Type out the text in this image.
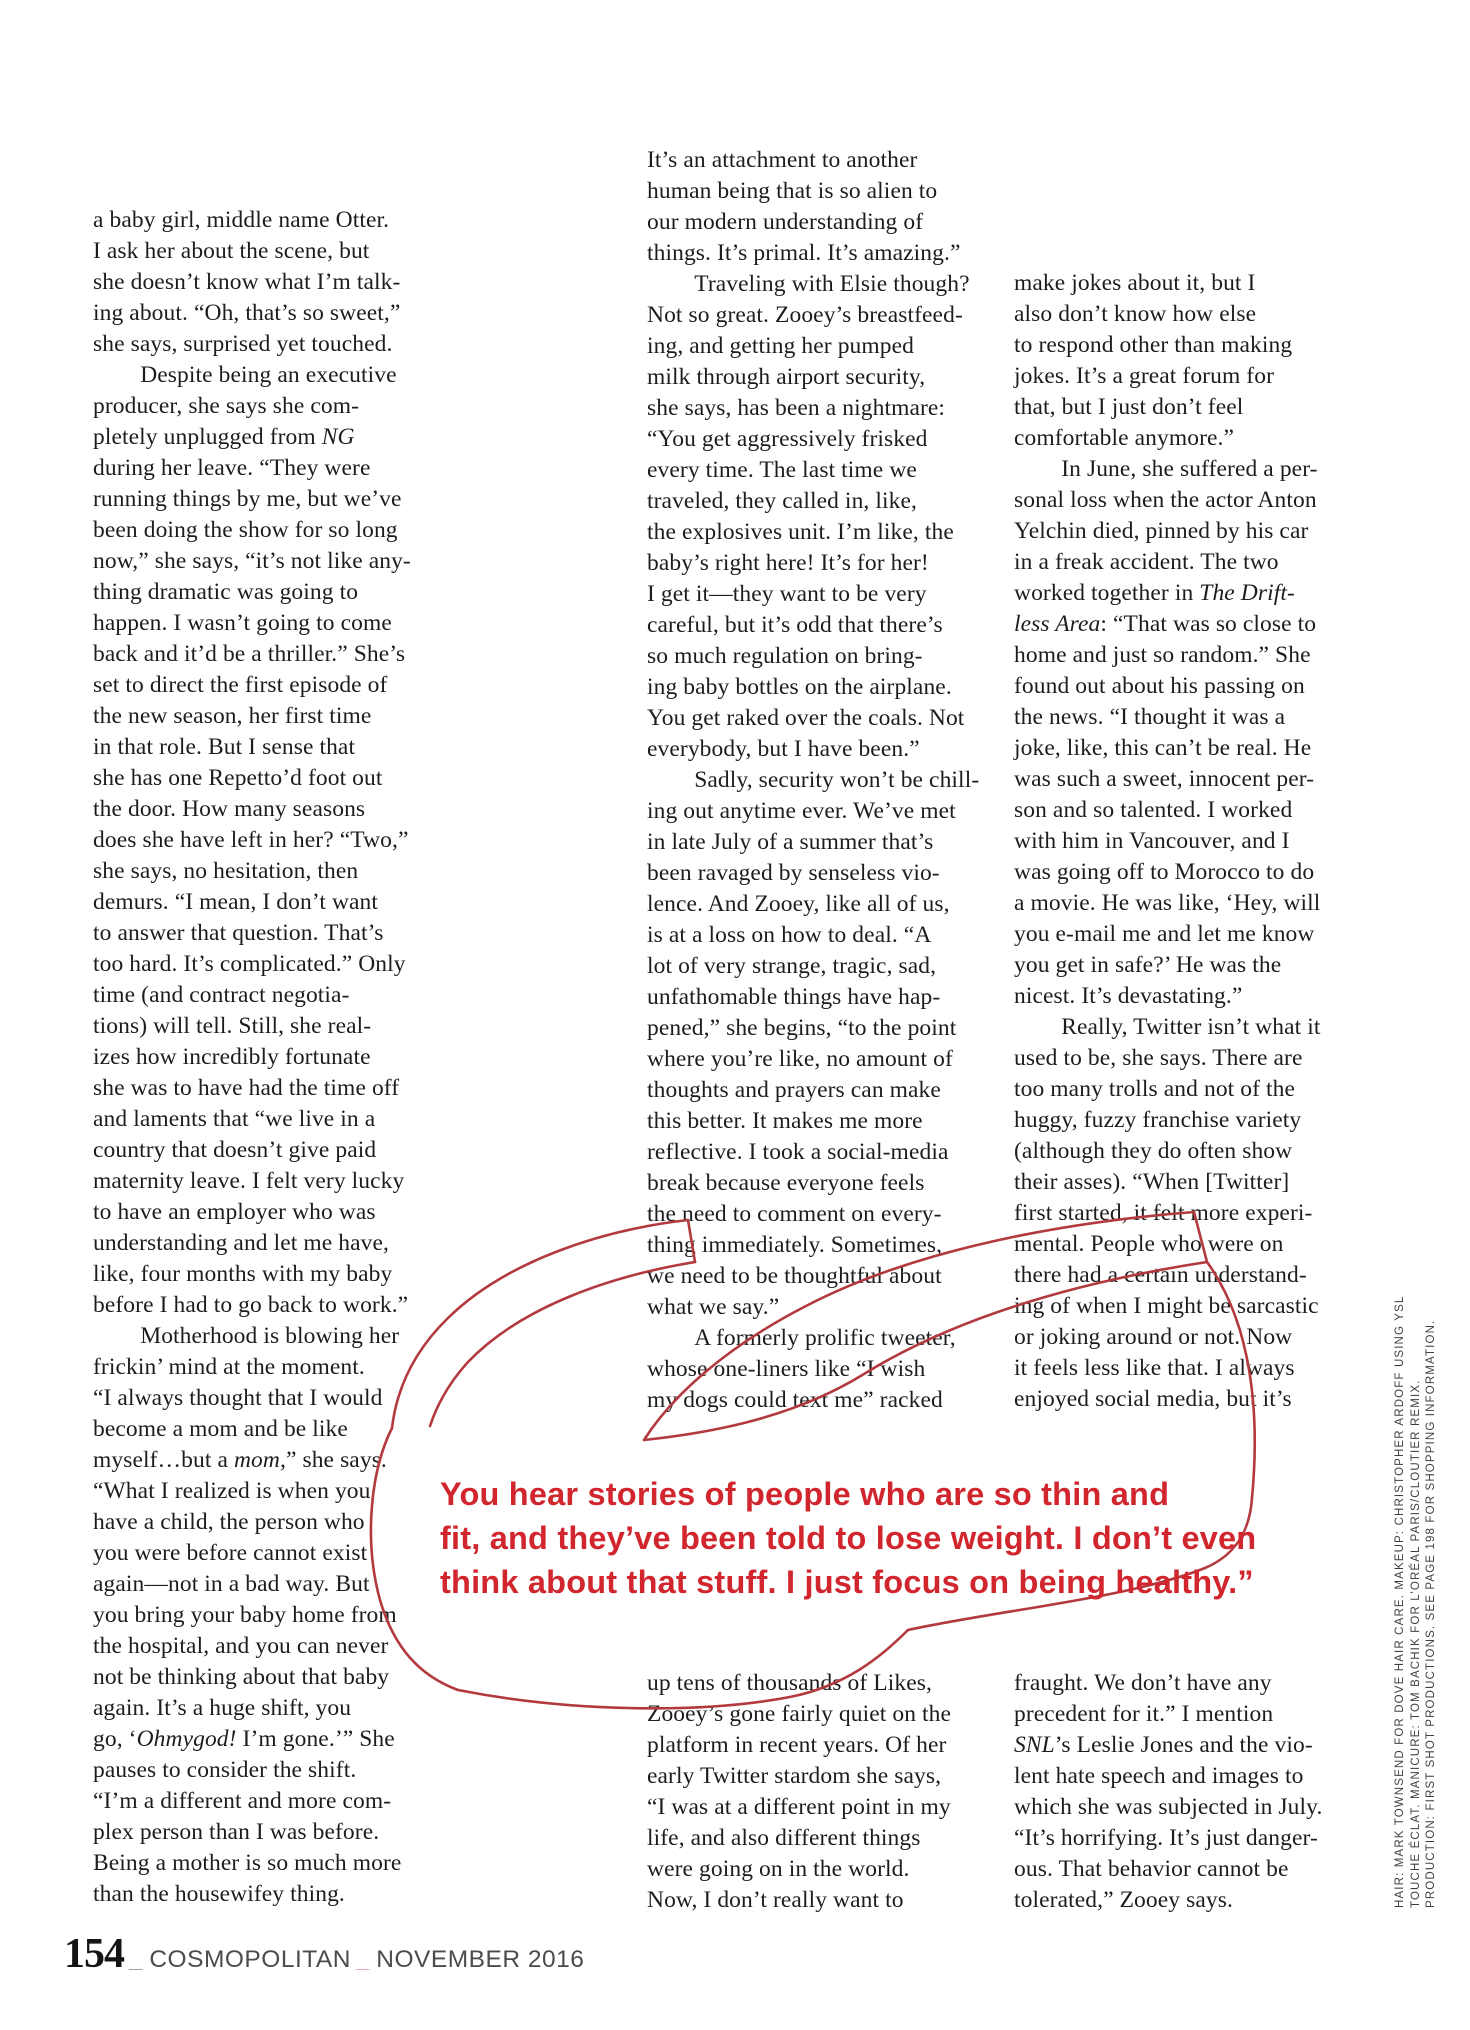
a baby girl, middle name Otter.
I ask her about the scene, but
she doesn’t know what I’m talk-
ing about. “Oh, that’s so sweet,”
she says, surprised yet touched.
  Despite being an executive
producer, she says she com-
pletely unplugged from NG
during her leave. “They were
running things by me, but we’ve
been doing the show for so long
now,” she says, “it’s not like any-
thing dramatic was going to
happen. I wasn’t going to come
back and it’d be a thriller.” She’s
set to direct the first episode of
the new season, her first time
in that role. But I sense that
she has one Repetto’d foot out
the door. How many seasons
does she have left in her? “Two,”
she says, no hesitation, then
demurs. “I mean, I don’t want
to answer that question. That’s
too hard. It’s complicated.” Only
time (and contract negotia-
tions) will tell. Still, she real-
izes how incredibly fortunate
she was to have had the time off
and laments that “we live in a
country that doesn’t give paid
maternity leave. I felt very lucky
to have an employer who was
understanding and let me have,
like, four months with my baby
before I had to go back to work.”
  Motherhood is blowing her
frickin’ mind at the moment.
“I always thought that I would
become a mom and be like
myself…but a mom,” she says.
“What I realized is when you
have a child, the person who
you were before cannot exist
again—not in a bad way. But
you bring your baby home from
the hospital, and you can never
not be thinking about that baby
again. It’s a huge shift, you
go, ‘Ohmygod! I’m gone.’” She
pauses to consider the shift.
“I’m a different and more com-
plex person than I was before.
Being a mother is so much more
than the housewifey thing.
It’s an attachment to another
human being that is so alien to
our modern understanding of
things. It’s primal. It’s amazing.”
  Traveling with Elsie though?
Not so great. Zooey’s breastfeed-
ing, and getting her pumped
milk through airport security,
she says, has been a nightmare:
“You get aggressively frisked
every time. The last time we
traveled, they called in, like,
the explosives unit. I’m like, the
baby’s right here! It’s for her!
I get it—they want to be very
careful, but it’s odd that there’s
so much regulation on bring-
ing baby bottles on the airplane.
You get raked over the coals. Not
everybody, but I have been.”
  Sadly, security won’t be chill-
ing out anytime ever. We’ve met
in late July of a summer that’s
been ravaged by senseless vio-
lence. And Zooey, like all of us,
is at a loss on how to deal. “A
lot of very strange, tragic, sad,
unfathomable things have hap-
pened,” she begins, “to the point
where you’re like, no amount of
thoughts and prayers can make
this better. It makes me more
reflective. I took a social-media
break because everyone feels
the need to comment on every-
thing immediately. Sometimes,
we need to be thoughtful about
what we say.”
  A formerly prolific tweeter,
whose one-liners like “I wish
my dogs could text me” racked
up tens of thousands of Likes,
Zooey’s gone fairly quiet on the
platform in recent years. Of her
early Twitter stardom she says,
“I was at a different point in my
life, and also different things
were going on in the world.
Now, I don’t really want to
make jokes about it, but I
also don’t know how else
to respond other than making
jokes. It’s a great forum for
that, but I just don’t feel
comfortable anymore.”
  In June, she suffered a per-
sonal loss when the actor Anton
Yelchin died, pinned by his car
in a freak accident. The two
worked together in The Drift-
less Area: “That was so close to
home and just so random.” She
found out about his passing on
the news. “I thought it was a
joke, like, this can’t be real. He
was such a sweet, innocent per-
son and so talented. I worked
with him in Vancouver, and I
was going off to Morocco to do
a movie. He was like, ‘Hey, will
you e-mail me and let me know
you get in safe?’ He was the
nicest. It’s devastating.”
  Really, Twitter isn’t what it
used to be, she says. There are
too many trolls and not of the
huggy, fuzzy franchise variety
(although they do often show
their asses). “When [Twitter]
first started, it felt more experi-
mental. People who were on
there had a certain understand-
ing of when I might be sarcastic
or joking around or not. Now
it feels less like that. I always
enjoyed social media, but it’s
fraught. We don’t have any
precedent for it.” I mention
SNL’s Leslie Jones and the vio-
lent hate speech and images to
which she was subjected in July.
“It’s horrifying. It’s just danger-
ous. That behavior cannot be
tolerated,” Zooey says.
You hear stories of people who are so thin and
fit, and they’ve been told to lose weight. I don’t even
think about that stuff. I just focus on being healthy.”	HAIR: MARK TOWNSEND FOR DOVE HAIR CARE. MAKEUP: CHRISTOPHER ARDOFF USING YSL TOUCHE ÉCLAT. MANICURE: TOM BACHIK FOR L’ORÉAL PARIS/CLOUTIER REMIX. PRODUCTION: FIRST SHOT PRODUCTIONS. SEE PAGE 198 FOR SHOPPING INFORMATION.
154 _ COSMOPOLITAN _ NOVEMBER 2016
